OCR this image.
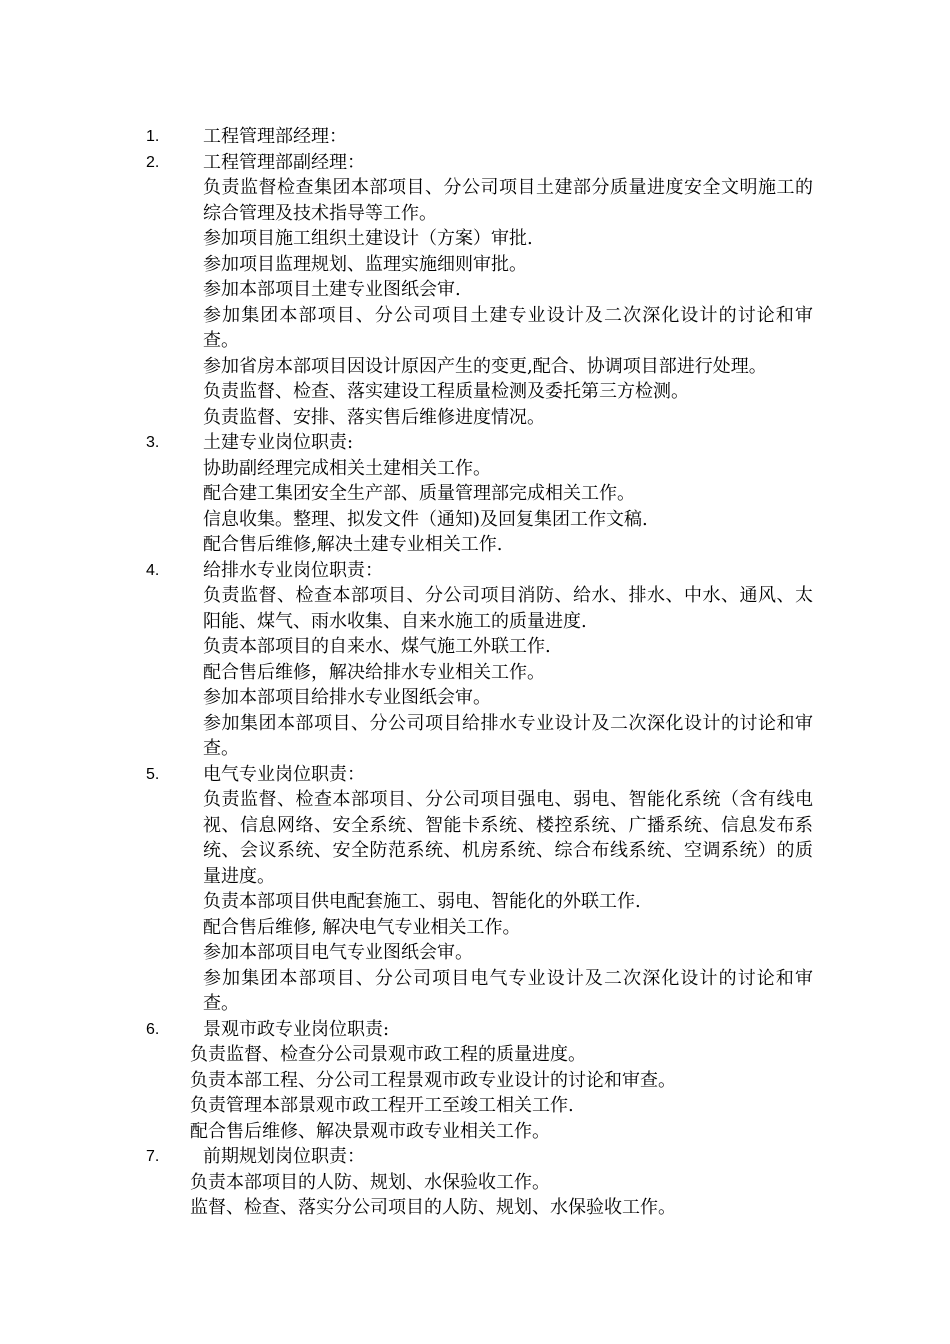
1. 工程管理部经理：
2. 工程管理部副经理：

负责监督检查集团本部项目、分公司项目土建部分质量进度安全文明施工的综合管理及技术指导等工作。

参加项目施工组织土建设计（方案）审批.

参加项目监理规划、监理实施细则审批。

参加本部项目土建专业图纸会审.

参加集团本部项目、分公司项目土建专业设计及二次深化设计的讨论和审查。

参加省房本部项目因设计原因产生的变更,配合、协调项目部进行处理。

负责监督、检查、落实建设工程质量检测及委托第三方检测。

负责监督、安排、落实售后维修进度情况。

3. 土建专业岗位职责:

协助副经理完成相关土建相关工作。

配合建工集团安全生产部、质量管理部完成相关工作。

信息收集。整理、拟发文件（通知)及回复集团工作文稿.

配合售后维修,解决土建专业相关工作.

4. 给排水专业岗位职责：

负责监督、检查本部项目、分公司项目消防、给水、排水、中水、通风、太阳能、煤气、雨水收集、自来水施工的质量进度.

负责本部项目的自来水、煤气施工外联工作.

配合售后维修，解决给排水专业相关工作。

参加本部项目给排水专业图纸会审。

参加集团本部项目、分公司项目给排水专业设计及二次深化设计的讨论和审查。

5. 电气专业岗位职责：

负责监督、检查本部项目、分公司项目强电、弱电、智能化系统（含有线电视、信息网络、安全系统、智能卡系统、楼控系统、广播系统、信息发布系统、会议系统、安全防范系统、机房系统、综合布线系统、空调系统）的质量进度。

负责本部项目供电配套施工、弱电、智能化的外联工作.

配合售后维修, 解决电气专业相关工作。

参加本部项目电气专业图纸会审。

参加集团本部项目、分公司项目电气专业设计及二次深化设计的讨论和审查。

6. 景观市政专业岗位职责:

负责监督、检查分公司景观市政工程的质量进度。

负责本部工程、分公司工程景观市政专业设计的讨论和审查。

负责管理本部景观市政工程开工至竣工相关工作.

配合售后维修、解决景观市政专业相关工作。

7. 前期规划岗位职责：

负责本部项目的人防、规划、水保验收工作。

监督、检查、落实分公司项目的人防、规划、水保验收工作。
